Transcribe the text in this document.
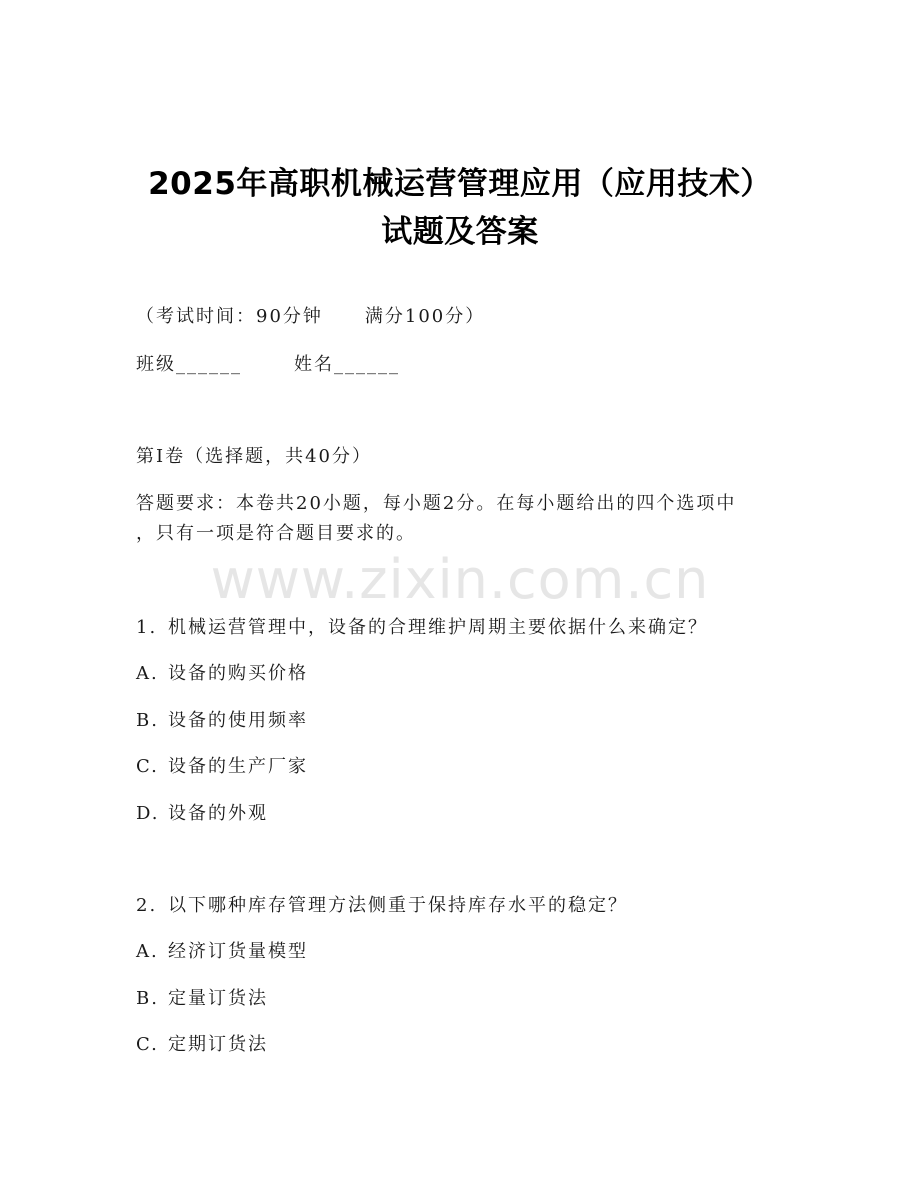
2025年高职机械运营管理应用（应用技术）
试题及答案
（考试时间：90分钟 满分100分）
班级______	姓名______
第I卷（选择题，共40分）
答题要求：本卷共20小题，每小题2分。在每小题给出的四个选项中
，只有一项是符合题目要求的。
www.zixin.com.cn
1. 机械运营管理中，设备的合理维护周期主要依据什么来确定？
A. 设备的购买价格
B. 设备的使用频率
C. 设备的生产厂家
D. 设备的外观
2. 以下哪种库存管理方法侧重于保持库存水平的稳定？
A. 经济订货量模型
B. 定量订货法
C. 定期订货法
